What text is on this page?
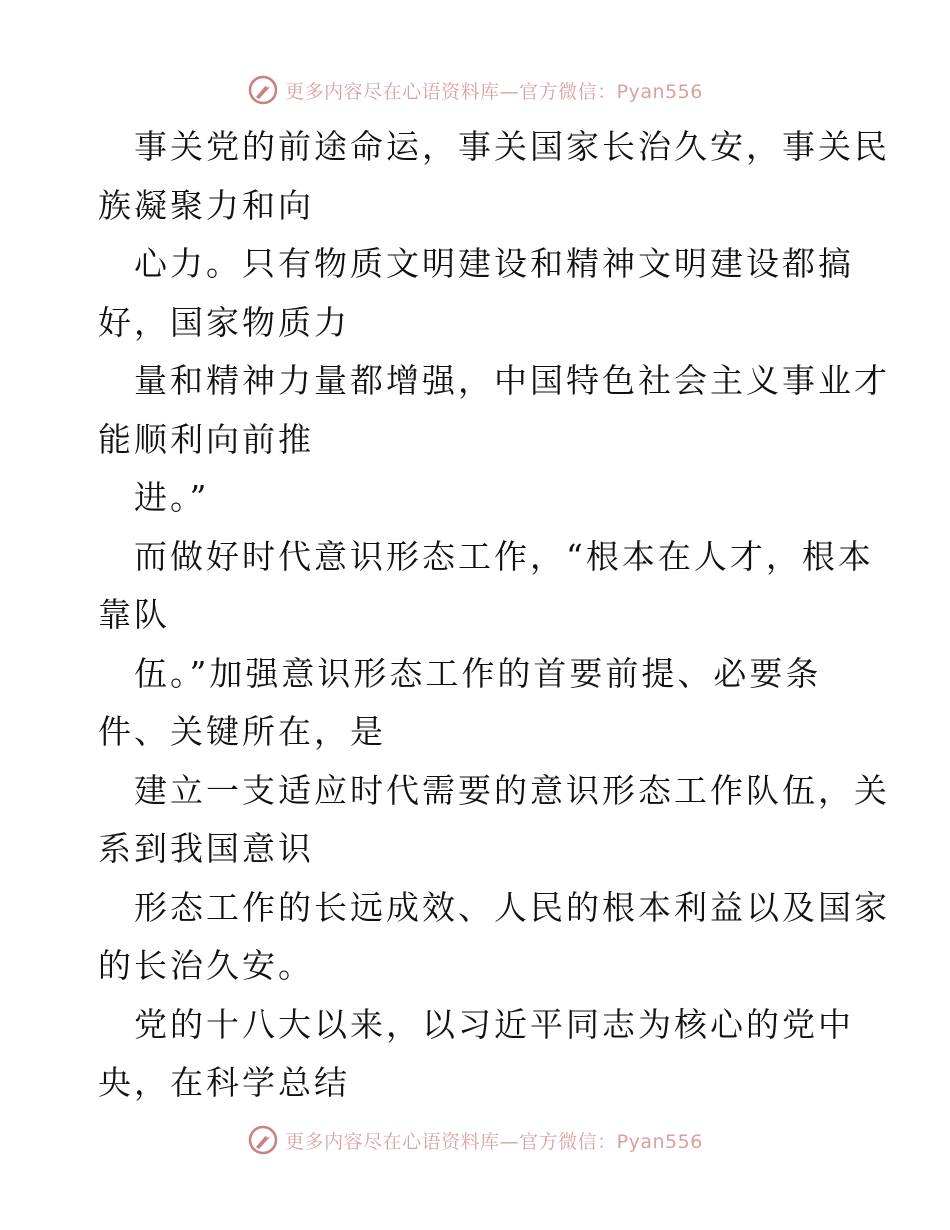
更多内容尽在心语资料库—官方微信：Pyan556
事关党的前途命运，事关国家长治久安，事关民
族凝聚力和向
心力。只有物质文明建设和精神文明建设都搞
好，国家物质力
量和精神力量都增强，中国特色社会主义事业才
能顺利向前推
进。”
而做好时代意识形态工作，“根本在人才，根本
靠队
伍。”加强意识形态工作的首要前提、必要条
件、关键所在，是
建立一支适应时代需要的意识形态工作队伍，关
系到我国意识
形态工作的长远成效、人民的根本利益以及国家
的长治久安。
党的十八大以来，以习近平同志为核心的党中
央，在科学总结
更多内容尽在心语资料库—官方微信：Pyan556
